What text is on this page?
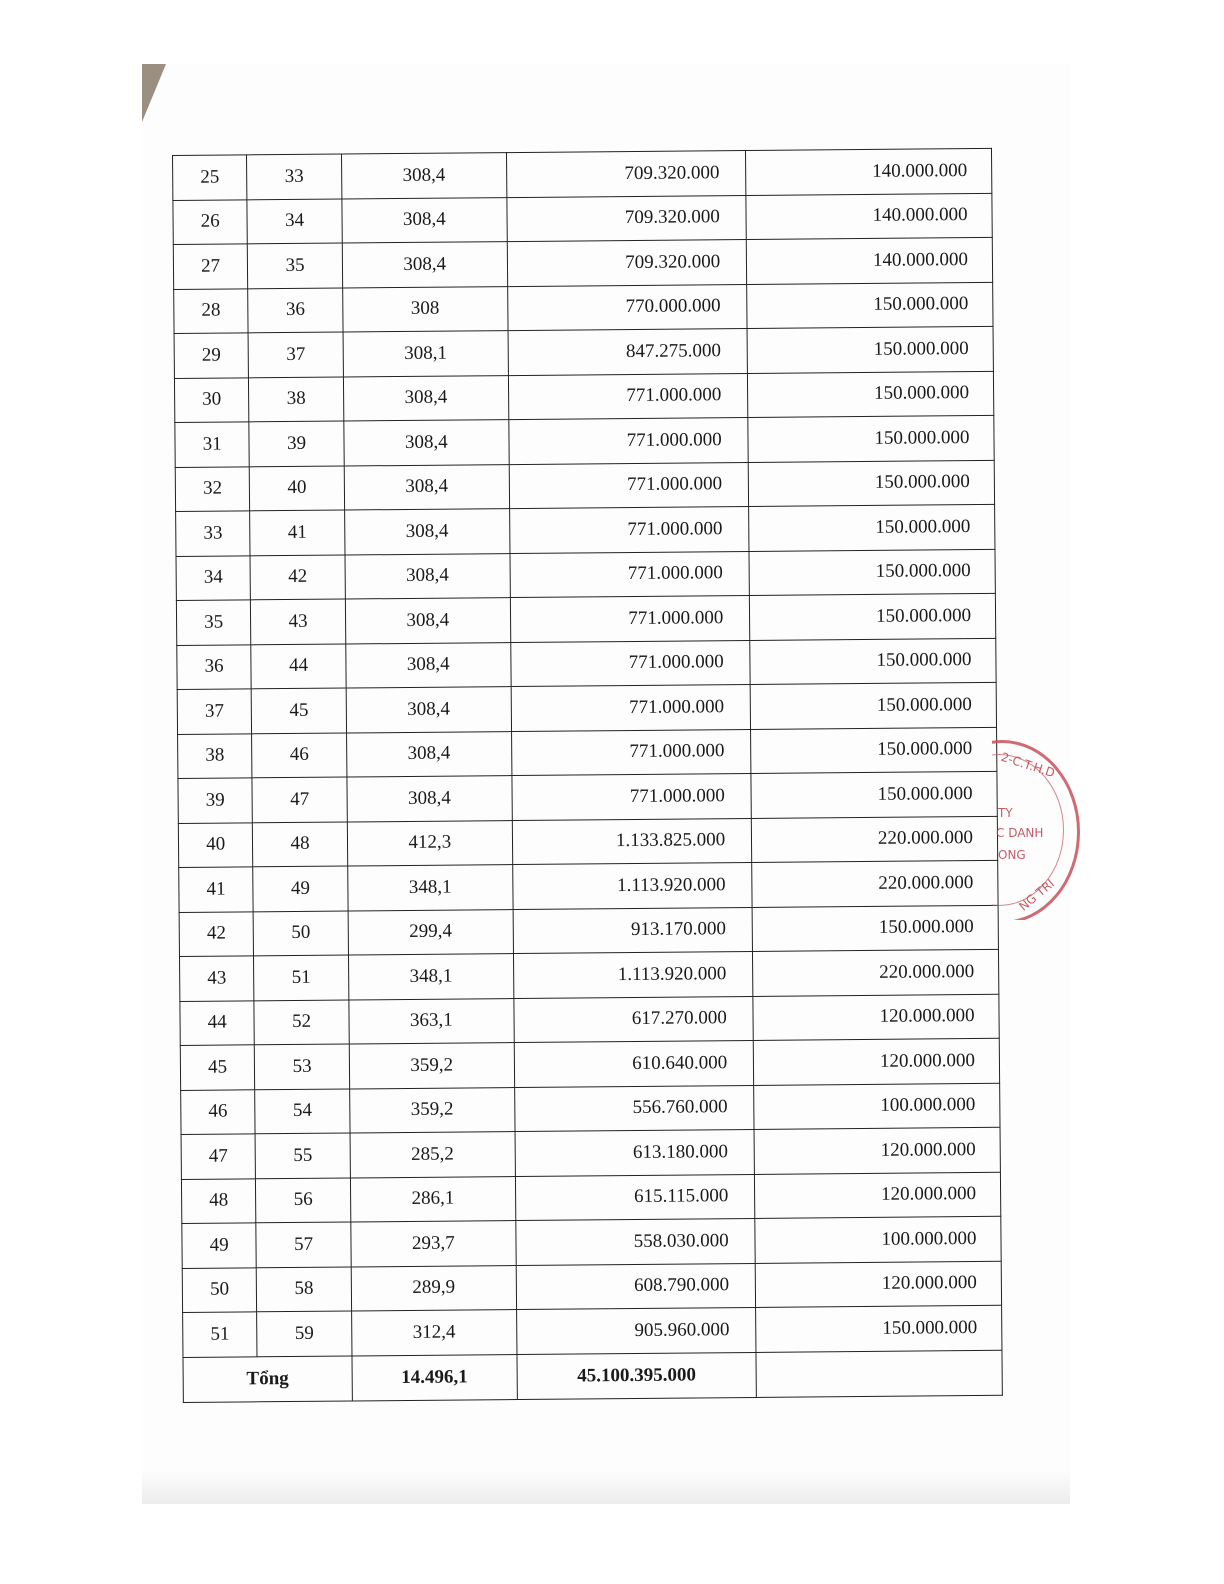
25	33	308,4	709.320.000	140.000.000
26	34	308,4	709.320.000	140.000.000
27	35	308,4	709.320.000	140.000.000
28	36	308	770.000.000	150.000.000
29	37	308,1	847.275.000	150.000.000
30	38	308,4	771.000.000	150.000.000
31	39	308,4	771.000.000	150.000.000
32	40	308,4	771.000.000	150.000.000
33	41	308,4	771.000.000	150.000.000
34	42	308,4	771.000.000	150.000.000
35	43	308,4	771.000.000	150.000.000
36	44	308,4	771.000.000	150.000.000
37	45	308,4	771.000.000	150.000.000
38	46	308,4	771.000.000	150.000.000
39	47	308,4	771.000.000	150.000.000
40	48	412,3	1.133.825.000	220.000.000
41	49	348,1	1.113.920.000	220.000.000
42	50	299,4	913.170.000	150.000.000
43	51	348,1	1.113.920.000	220.000.000
44	52	363,1	617.270.000	120.000.000
45	53	359,2	610.640.000	120.000.000
46	54	359,2	556.760.000	100.000.000
47	55	285,2	613.180.000	120.000.000
48	56	286,1	615.115.000	120.000.000
49	57	293,7	558.030.000	100.000.000
50	58	289,9	608.790.000	120.000.000
51	59	312,4	905.960.000	150.000.000
Tổng		14.496,1	45.100.395.000	
2-C.T.H.D
TY
C DANH
ONG
NG TRI
